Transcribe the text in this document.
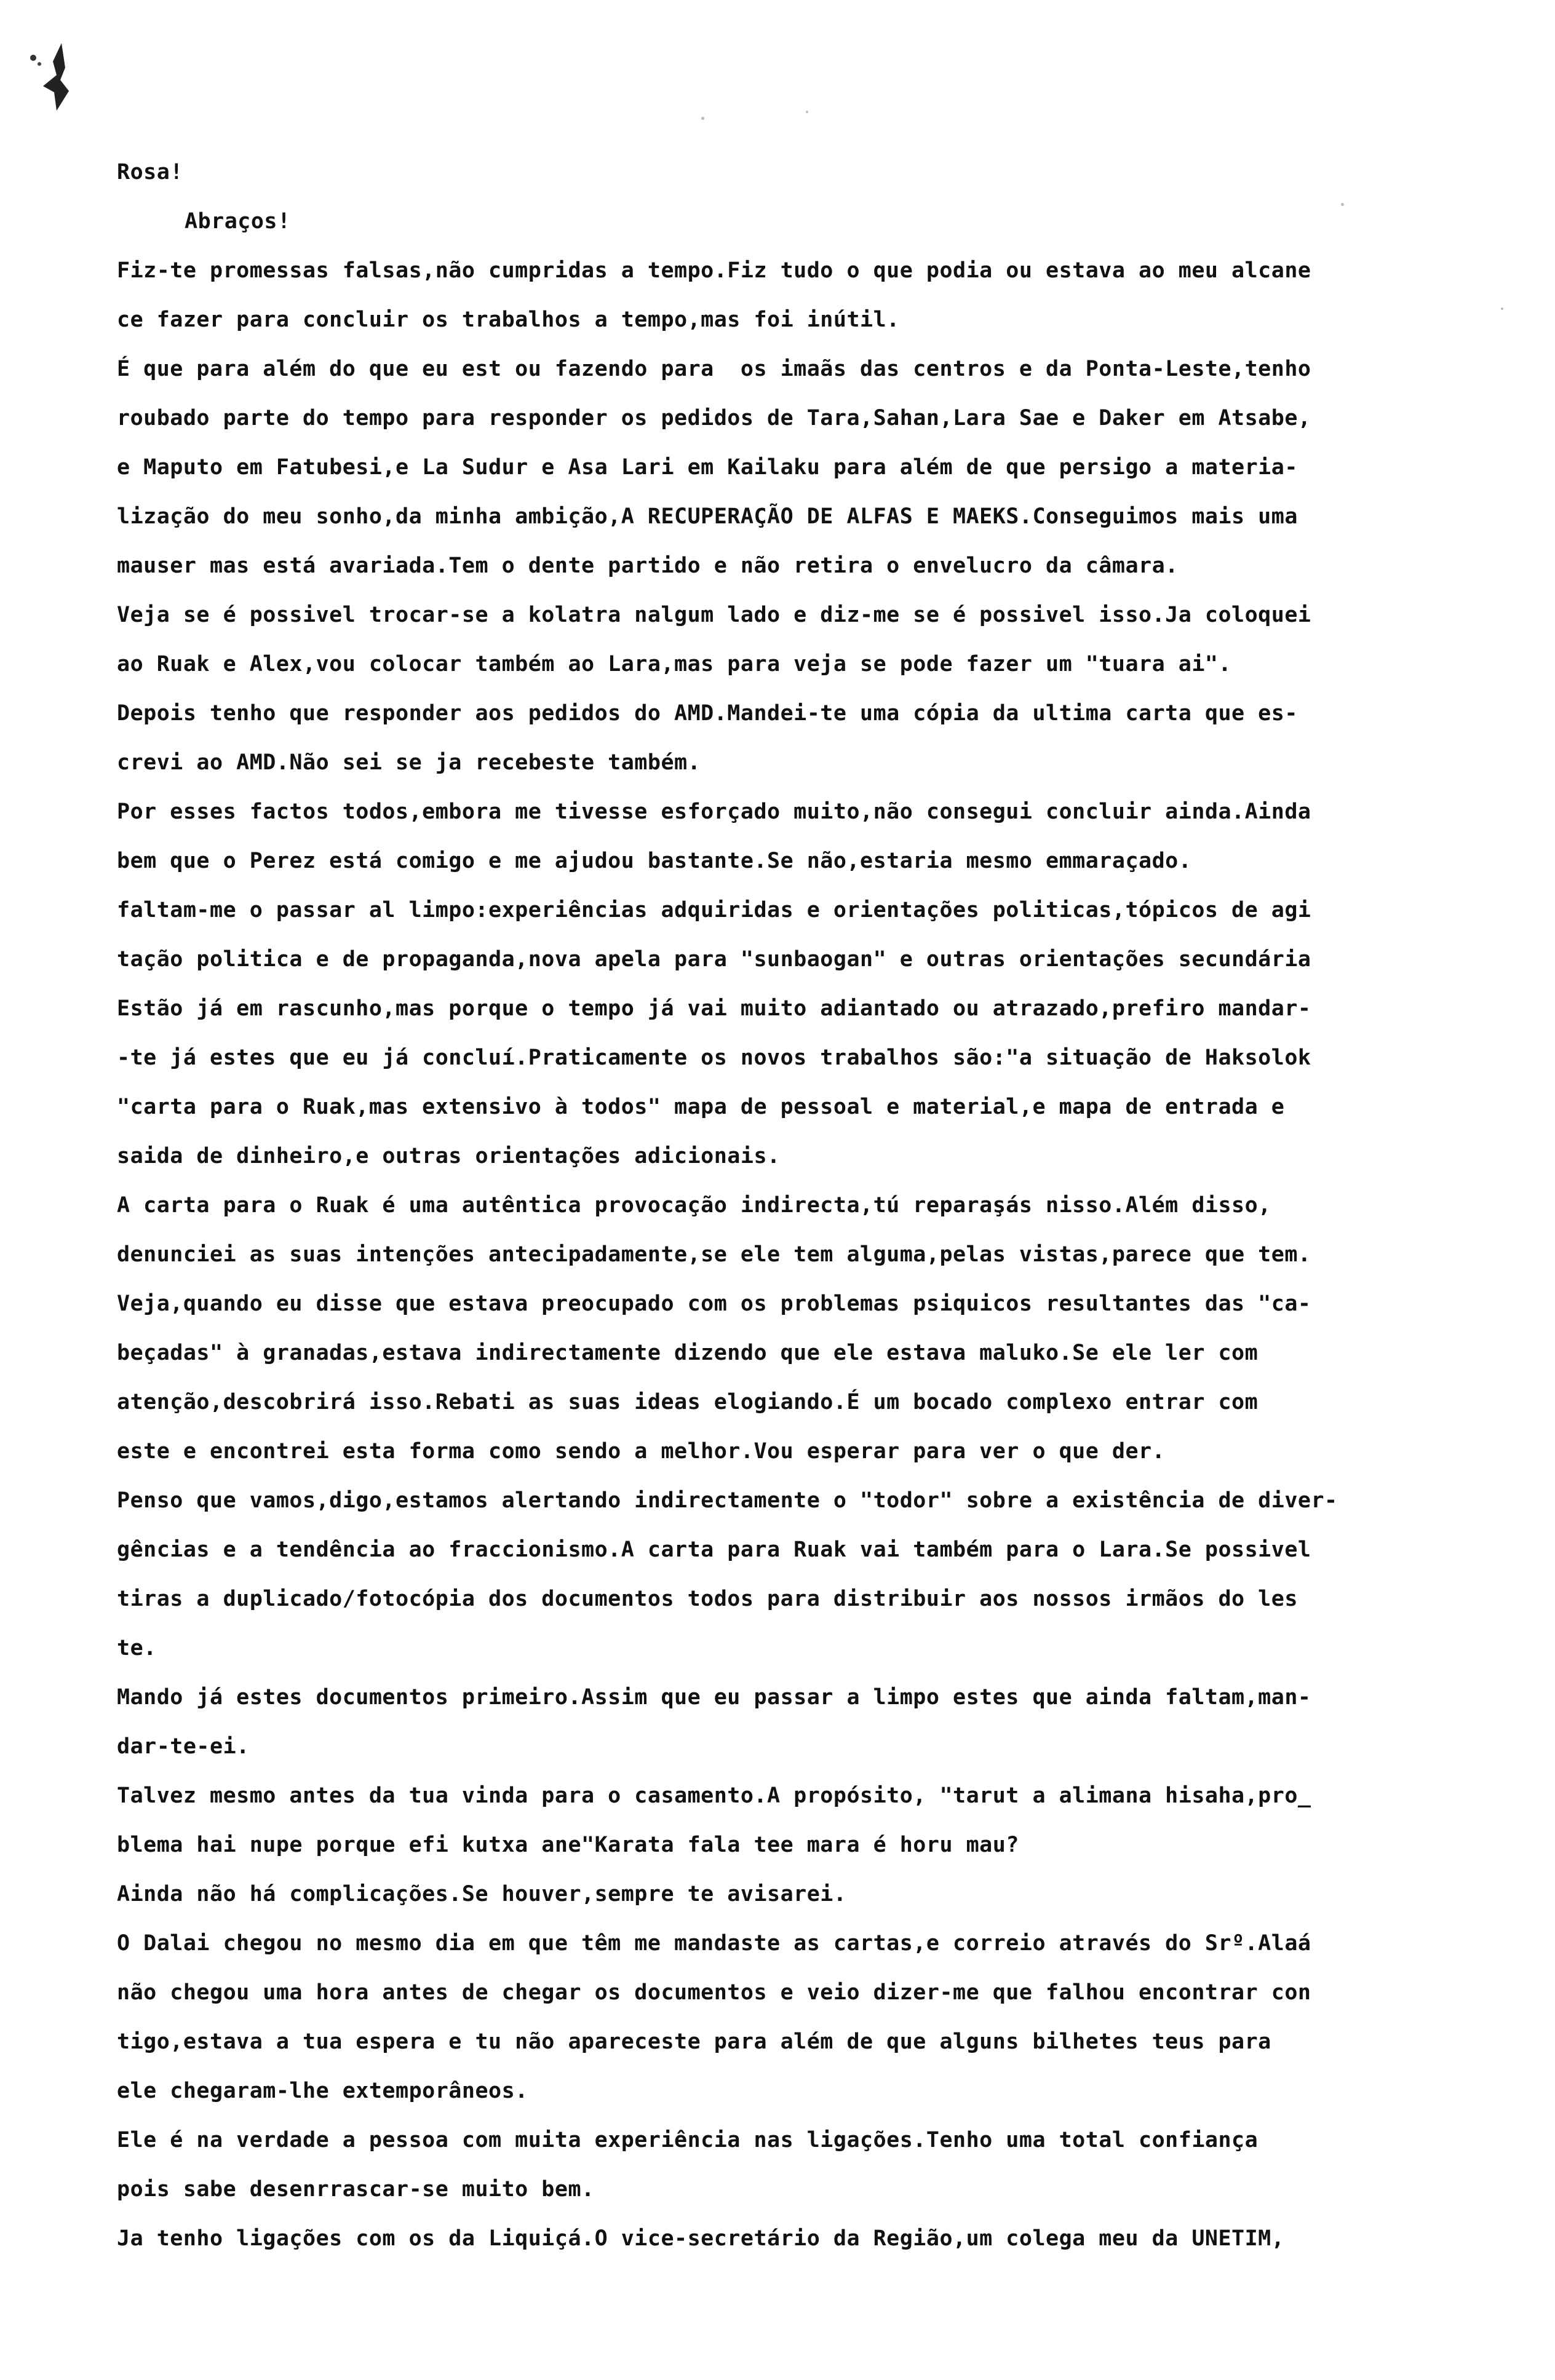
Rosa!
Abraços!
Fiz-te promessas falsas,não cumpridas a tempo.Fiz tudo o que podia ou estava ao meu alcane
ce fazer para concluir os trabalhos a tempo,mas foi inútil.
É que para além do que eu est ou fazendo para  os imaãs das centros e da Ponta-Leste,tenho
roubado parte do tempo para responder os pedidos de Tara,Sahan,Lara Sae e Daker em Atsabe,
e Maputo em Fatubesi,e La Sudur e Asa Lari em Kailaku para além de que persigo a materia-
lização do meu sonho,da minha ambição,A RECUPERAÇÃO DE ALFAS E MAEKS.Conseguimos mais uma
mauser mas está avariada.Tem o dente partido e não retira o envelucro da câmara.
Veja se é possivel trocar-se a kolatra nalgum lado e diz-me se é possivel isso.Ja coloquei
ao Ruak e Alex,vou colocar também ao Lara,mas para veja se pode fazer um "tuara ai".
Depois tenho que responder aos pedidos do AMD.Mandei-te uma cópia da ultima carta que es-
crevi ao AMD.Não sei se ja recebeste também.
Por esses factos todos,embora me tivesse esforçado muito,não consegui concluir ainda.Ainda
bem que o Perez está comigo e me ajudou bastante.Se não,estaria mesmo emmaraçado.
faltam-me o passar al limpo:experiências adquiridas e orientações politicas,tópicos de agi
tação politica e de propaganda,nova apela para "sunbaogan" e outras orientações secundária
Estão já em rascunho,mas porque o tempo já vai muito adiantado ou atrazado,prefiro mandar-
-te já estes que eu já concluí.Praticamente os novos trabalhos são:"a situação de Haksolok
"carta para o Ruak,mas extensivo à todos" mapa de pessoal e material,e mapa de entrada e
saida de dinheiro,e outras orientações adicionais.
A carta para o Ruak é uma autêntica provocação indirecta,tú reparaşás nisso.Além disso,
denunciei as suas intenções antecipadamente,se ele tem alguma,pelas vistas,parece que tem.
Veja,quando eu disse que estava preocupado com os problemas psiquicos resultantes das "ca-
beçadas" à granadas,estava indirectamente dizendo que ele estava maluko.Se ele ler com
atenção,descobrirá isso.Rebati as suas ideas elogiando.É um bocado complexo entrar com
este e encontrei esta forma como sendo a melhor.Vou esperar para ver o que der.
Penso que vamos,digo,estamos alertando indirectamente o "todor" sobre a existência de diver-
gências e a tendência ao fraccionismo.A carta para Ruak vai também para o Lara.Se possivel
tiras a duplicado/fotocópia dos documentos todos para distribuir aos nossos irmãos do les
te.
Mando já estes documentos primeiro.Assim que eu passar a limpo estes que ainda faltam,man-
dar-te-ei.
Talvez mesmo antes da tua vinda para o casamento.A propósito, "tarut a alimana hisaha,pro_
blema hai nupe porque efi kutxa ane"Karata fala tee mara é horu mau?
Ainda não há complicações.Se houver,sempre te avisarei.
O Dalai chegou no mesmo dia em que têm me mandaste as cartas,e correio através do Srº.Alaá
não chegou uma hora antes de chegar os documentos e veio dizer-me que falhou encontrar con
tigo,estava a tua espera e tu não apareceste para além de que alguns bilhetes teus para
ele chegaram-lhe extemporâneos.
Ele é na verdade a pessoa com muita experiência nas ligações.Tenho uma total confiança
pois sabe desenrrascar-se muito bem.
Ja tenho ligações com os da Liquiçá.O vice-secretário da Região,um colega meu da UNETIM,
